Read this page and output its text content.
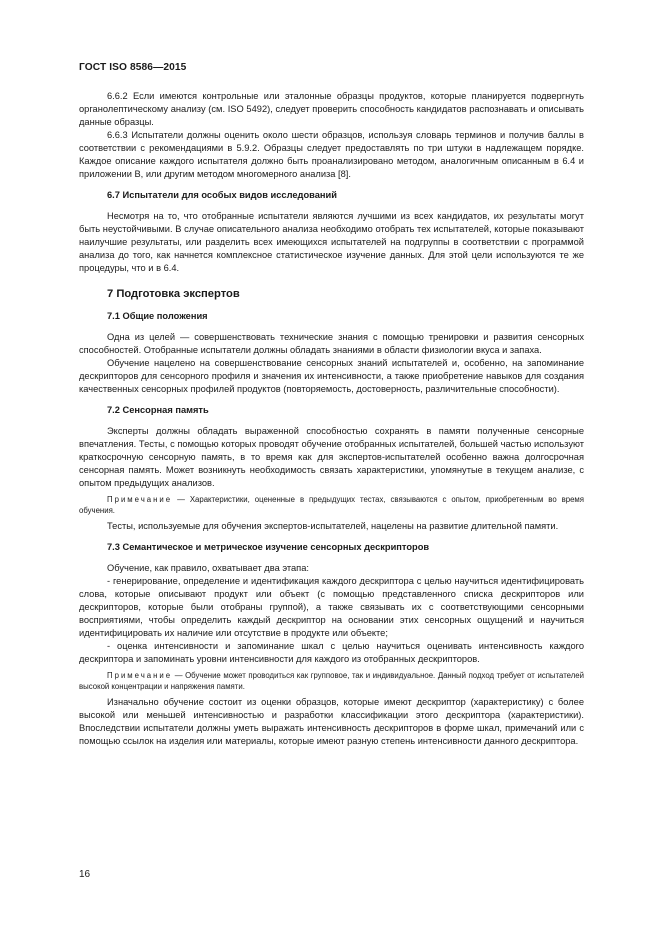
ГОСТ ISO 8586—2015

6.6.2 Если имеются контрольные или эталонные образцы продуктов, которые планируется подвергнуть органолептическому анализу (см. ISO 5492), следует проверить способность кандидатов распознавать и описывать данные образцы.

6.6.3 Испытатели должны оценить около шести образцов, используя словарь терминов и получив баллы в соответствии с рекомендациями в 5.9.2. Образцы следует предоставлять по три штуки в надлежащем порядке. Каждое описание каждого испытателя должно быть проанализировано методом, аналогичным описанным в 6.4 и приложении В, или другим методом многомерного анализа [8].

6.7 Испытатели для особых видов исследований

Несмотря на то, что отобранные испытатели являются лучшими из всех кандидатов, их результаты могут быть неустойчивыми. В случае описательного анализа необходимо отобрать тех испытателей, которые показывают наилучшие результаты, или разделить всех имеющихся испытателей на подгруппы в соответствии с программой анализа до того, как начнется комплексное статистическое изучение данных. Для этой цели используются те же процедуры, что и в 6.4.

7 Подготовка экспертов

7.1 Общие положения

Одна из целей — совершенствовать технические знания с помощью тренировки и развития сенсорных способностей. Отобранные испытатели должны обладать знаниями в области физиологии вкуса и запаха.

Обучение нацелено на совершенствование сенсорных знаний испытателей и, особенно, на запоминание дескрипторов для сенсорного профиля и значения их интенсивности, а также приобретение навыков для создания качественных сенсорных профилей продуктов (повторяемость, достоверность, различительные способности).

7.2 Сенсорная память

Эксперты должны обладать выраженной способностью сохранять в памяти полученные сенсорные впечатления. Тесты, с помощью которых проводят обучение отобранных испытателей, большей частью используют краткосрочную сенсорную память, в то время как для экспертов-испытателей особенно важна долгосрочная сенсорная память. Может возникнуть необходимость связать характеристики, упомянутые в текущем анализе, с опытом предыдущих анализов.

Примечание — Характеристики, оцененные в предыдущих тестах, связываются с опытом, приобретенным во время обучения.

Тесты, используемые для обучения экспертов-испытателей, нацелены на развитие длительной памяти.

7.3 Семантическое и метрическое изучение сенсорных дескрипторов

Обучение, как правило, охватывает два этапа:

- генерирование, определение и идентификация каждого дескриптора с целью научиться идентифицировать слова, которые описывают продукт или объект (с помощью представленного списка дескрипторов или дескрипторов, которые были отобраны группой), а также связывать их с соответствующими сенсорными восприятиями, чтобы определить каждый дескриптор на основании этих сенсорных ощущений и научиться идентифицировать их наличие или отсутствие в продукте или объекте;

- оценка интенсивности и запоминание шкал с целью научиться оценивать интенсивность каждого дескриптора и запоминать уровни интенсивности для каждого из отобранных дескрипторов.

Примечание — Обучение может проводиться как групповое, так и индивидуальное. Данный подход требует от испытателей высокой концентрации и напряжения памяти.

Изначально обучение состоит из оценки образцов, которые имеют дескриптор (характеристику) с более высокой или меньшей интенсивностью и разработки классификации этого дескриптора (характеристики). Впоследствии испытатели должны уметь выражать интенсивность дескрипторов в форме шкал, примечаний или с помощью ссылок на изделия или материалы, которые имеют разную степень интенсивности данного дескриптора.

16
